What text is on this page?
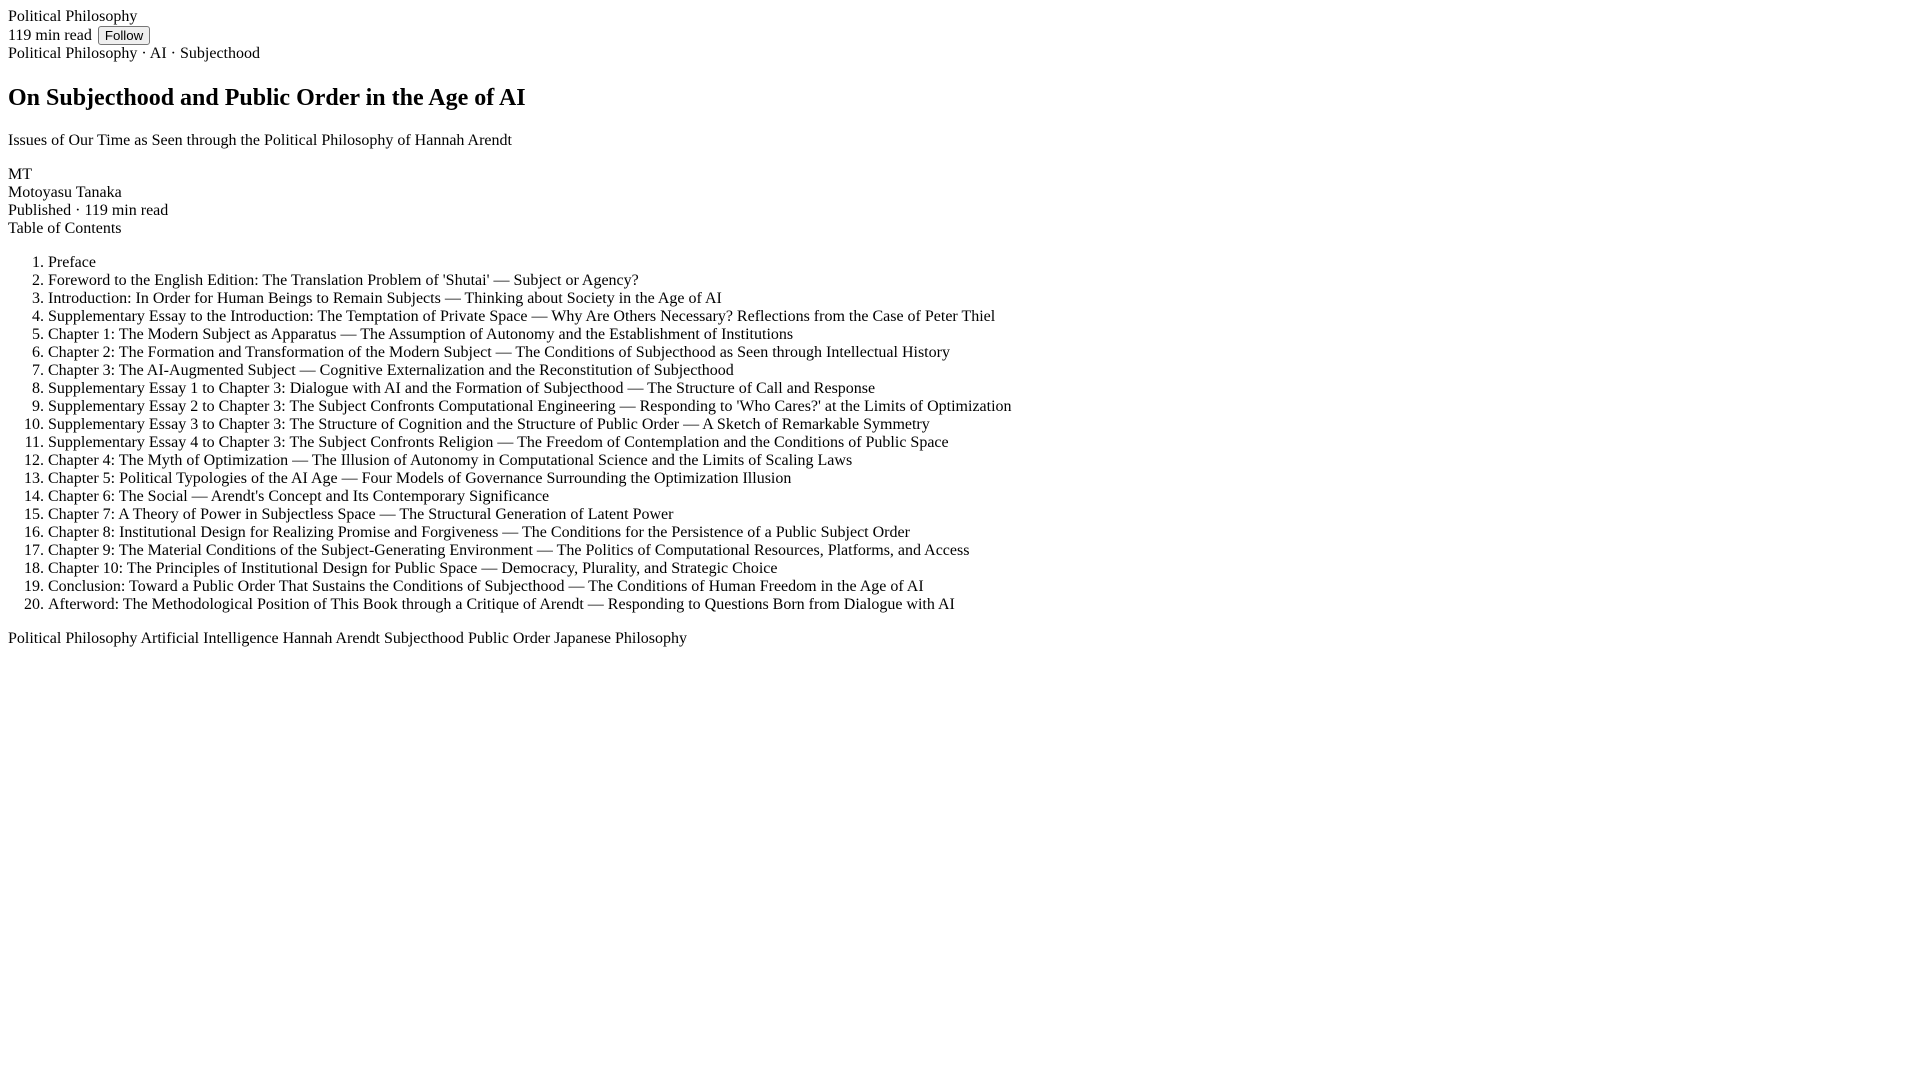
Political Philosophy
119 min read Follow
Political Philosophy · AI · Subjecthood
On Subjecthood and Public Order in the Age of AI

Issues of Our Time as Seen through the Political Philosophy of Hannah Arendt

MT
Motoyasu Tanaka
Published · 119 min read
Table of Contents
1. Preface
2. Foreword to the English Edition: The Translation Problem of 'Shutai' — Subject or Agency?
3. Introduction: In Order for Human Beings to Remain Subjects — Thinking about Society in the Age of AI
4. Supplementary Essay to the Introduction: The Temptation of Private Space — Why Are Others Necessary? Reflections from the Case of Peter Thiel
5. Chapter 1: The Modern Subject as Apparatus — The Assumption of Autonomy and the Establishment of Institutions
6. Chapter 2: The Formation and Transformation of the Modern Subject — The Conditions of Subjecthood as Seen through Intellectual History
7. Chapter 3: The AI-Augmented Subject — Cognitive Externalization and the Reconstitution of Subjecthood
8. Supplementary Essay 1 to Chapter 3: Dialogue with AI and the Formation of Subjecthood — The Structure of Call and Response
9. Supplementary Essay 2 to Chapter 3: The Subject Confronts Computational Engineering — Responding to 'Who Cares?' at the Limits of Optimization
10. Supplementary Essay 3 to Chapter 3: The Structure of Cognition and the Structure of Public Order — A Sketch of Remarkable Symmetry
11. Supplementary Essay 4 to Chapter 3: The Subject Confronts Religion — The Freedom of Contemplation and the Conditions of Public Space
12. Chapter 4: The Myth of Optimization — The Illusion of Autonomy in Computational Science and the Limits of Scaling Laws
13. Chapter 5: Political Typologies of the AI Age — Four Models of Governance Surrounding the Optimization Illusion
14. Chapter 6: The Social — Arendt's Concept and Its Contemporary Significance
15. Chapter 7: A Theory of Power in Subjectless Space — The Structural Generation of Latent Power
16. Chapter 8: Institutional Design for Realizing Promise and Forgiveness — The Conditions for the Persistence of a Public Subject Order
17. Chapter 9: The Material Conditions of the Subject-Generating Environment — The Politics of Computational Resources, Platforms, and Access
18. Chapter 10: The Principles of Institutional Design for Public Space — Democracy, Plurality, and Strategic Choice
19. Conclusion: Toward a Public Order That Sustains the Conditions of Subjecthood — The Conditions of Human Freedom in the Age of AI
20. Afterword: The Methodological Position of This Book through a Critique of Arendt — Responding to Questions Born from Dialogue with AI
Political Philosophy Artificial Intelligence Hannah Arendt Subjecthood Public Order Japanese Philosophy
